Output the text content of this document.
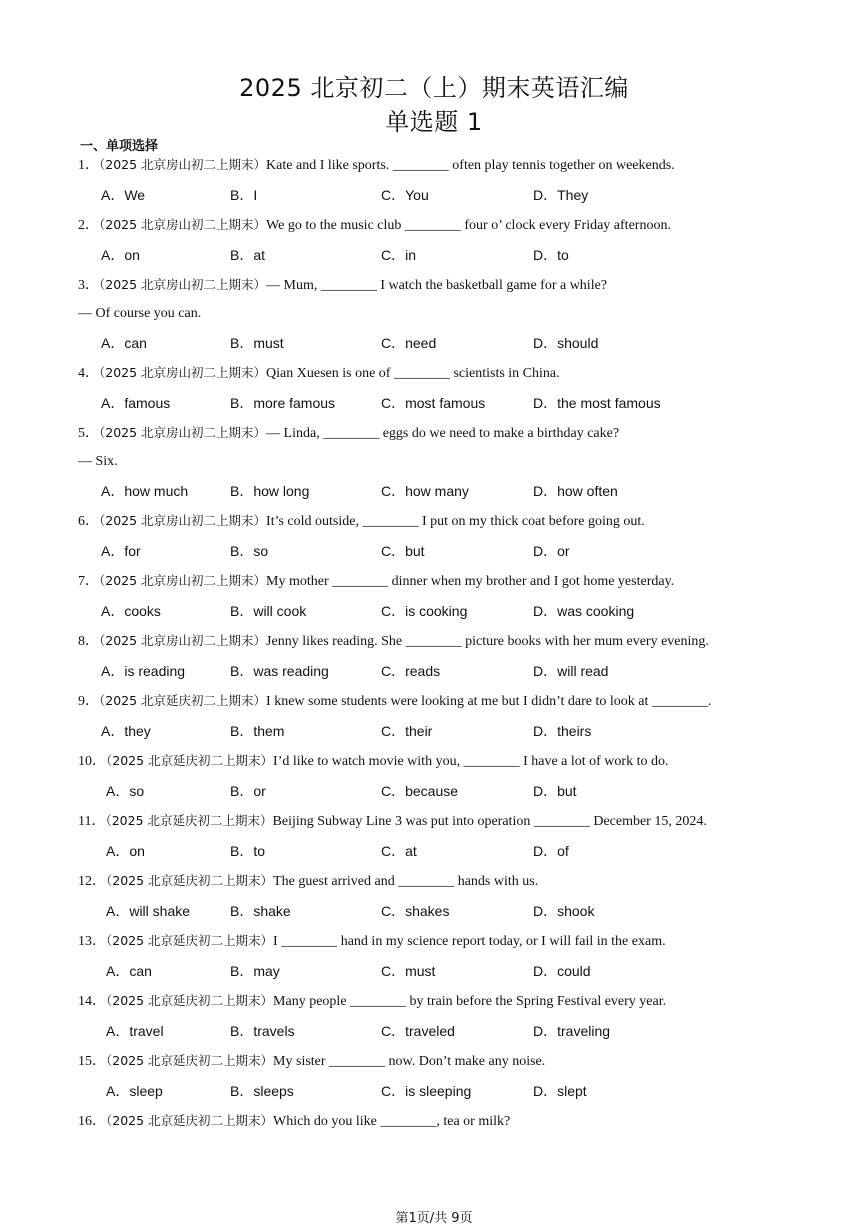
2025 北京初二（上）期末英语汇编
单选题 1
一、单项选择
1．（2025 北京房山初二上期末）Kate and I like sports. ________ often play tennis together on weekends.
A．We	B．I	C．You	D．They
2．（2025 北京房山初二上期末）We go to the music club ________ four o’ clock every Friday afternoon.
A．on	B．at	C．in	D．to
3．（2025 北京房山初二上期末）— Mum, ________ I watch the basketball game for a while?
— Of course you can.
A．can	B．must	C．need	D．should
4．（2025 北京房山初二上期末）Qian Xuesen is one of ________ scientists in China.
A．famous	B．more famous	C．most famous	D．the most famous
5．（2025 北京房山初二上期末）— Linda, ________ eggs do we need to make a birthday cake?
— Six.
A．how much	B．how long	C．how many	D．how often
6．（2025 北京房山初二上期末）It’s cold outside, ________ I put on my thick coat before going out.
A．for	B．so	C．but	D．or
7．（2025 北京房山初二上期末）My mother ________ dinner when my brother and I got home yesterday.
A．cooks	B．will cook	C．is cooking	D．was cooking
8．（2025 北京房山初二上期末）Jenny likes reading. She ________ picture books with her mum every evening.
A．is reading	B．was reading	C．reads	D．will read
9．（2025 北京延庆初二上期末）I knew some students were looking at me but I didn’t dare to look at ________.
A．they	B．them	C．their	D．theirs
10．（2025 北京延庆初二上期末）I’d like to watch movie with you, ________ I have a lot of work to do.
A．so	B．or	C．because	D．but
11．（2025 北京延庆初二上期末）Beijing Subway Line 3 was put into operation ________ December 15, 2024.
A．on	B．to	C．at	D．of
12．（2025 北京延庆初二上期末）The guest arrived and ________ hands with us.
A．will shake	B．shake	C．shakes	D．shook
13．（2025 北京延庆初二上期末）I ________ hand in my science report today, or I will fail in the exam.
A．can	B．may	C．must	D．could
14．（2025 北京延庆初二上期末）Many people ________ by train before the Spring Festival every year.
A．travel	B．travels	C．traveled	D．traveling
15．（2025 北京延庆初二上期末）My sister ________ now. Don’t make any noise.
A．sleep	B．sleeps	C．is sleeping	D．slept
16．（2025 北京延庆初二上期末）Which do you like ________, tea or milk?
第1页/共 9页
